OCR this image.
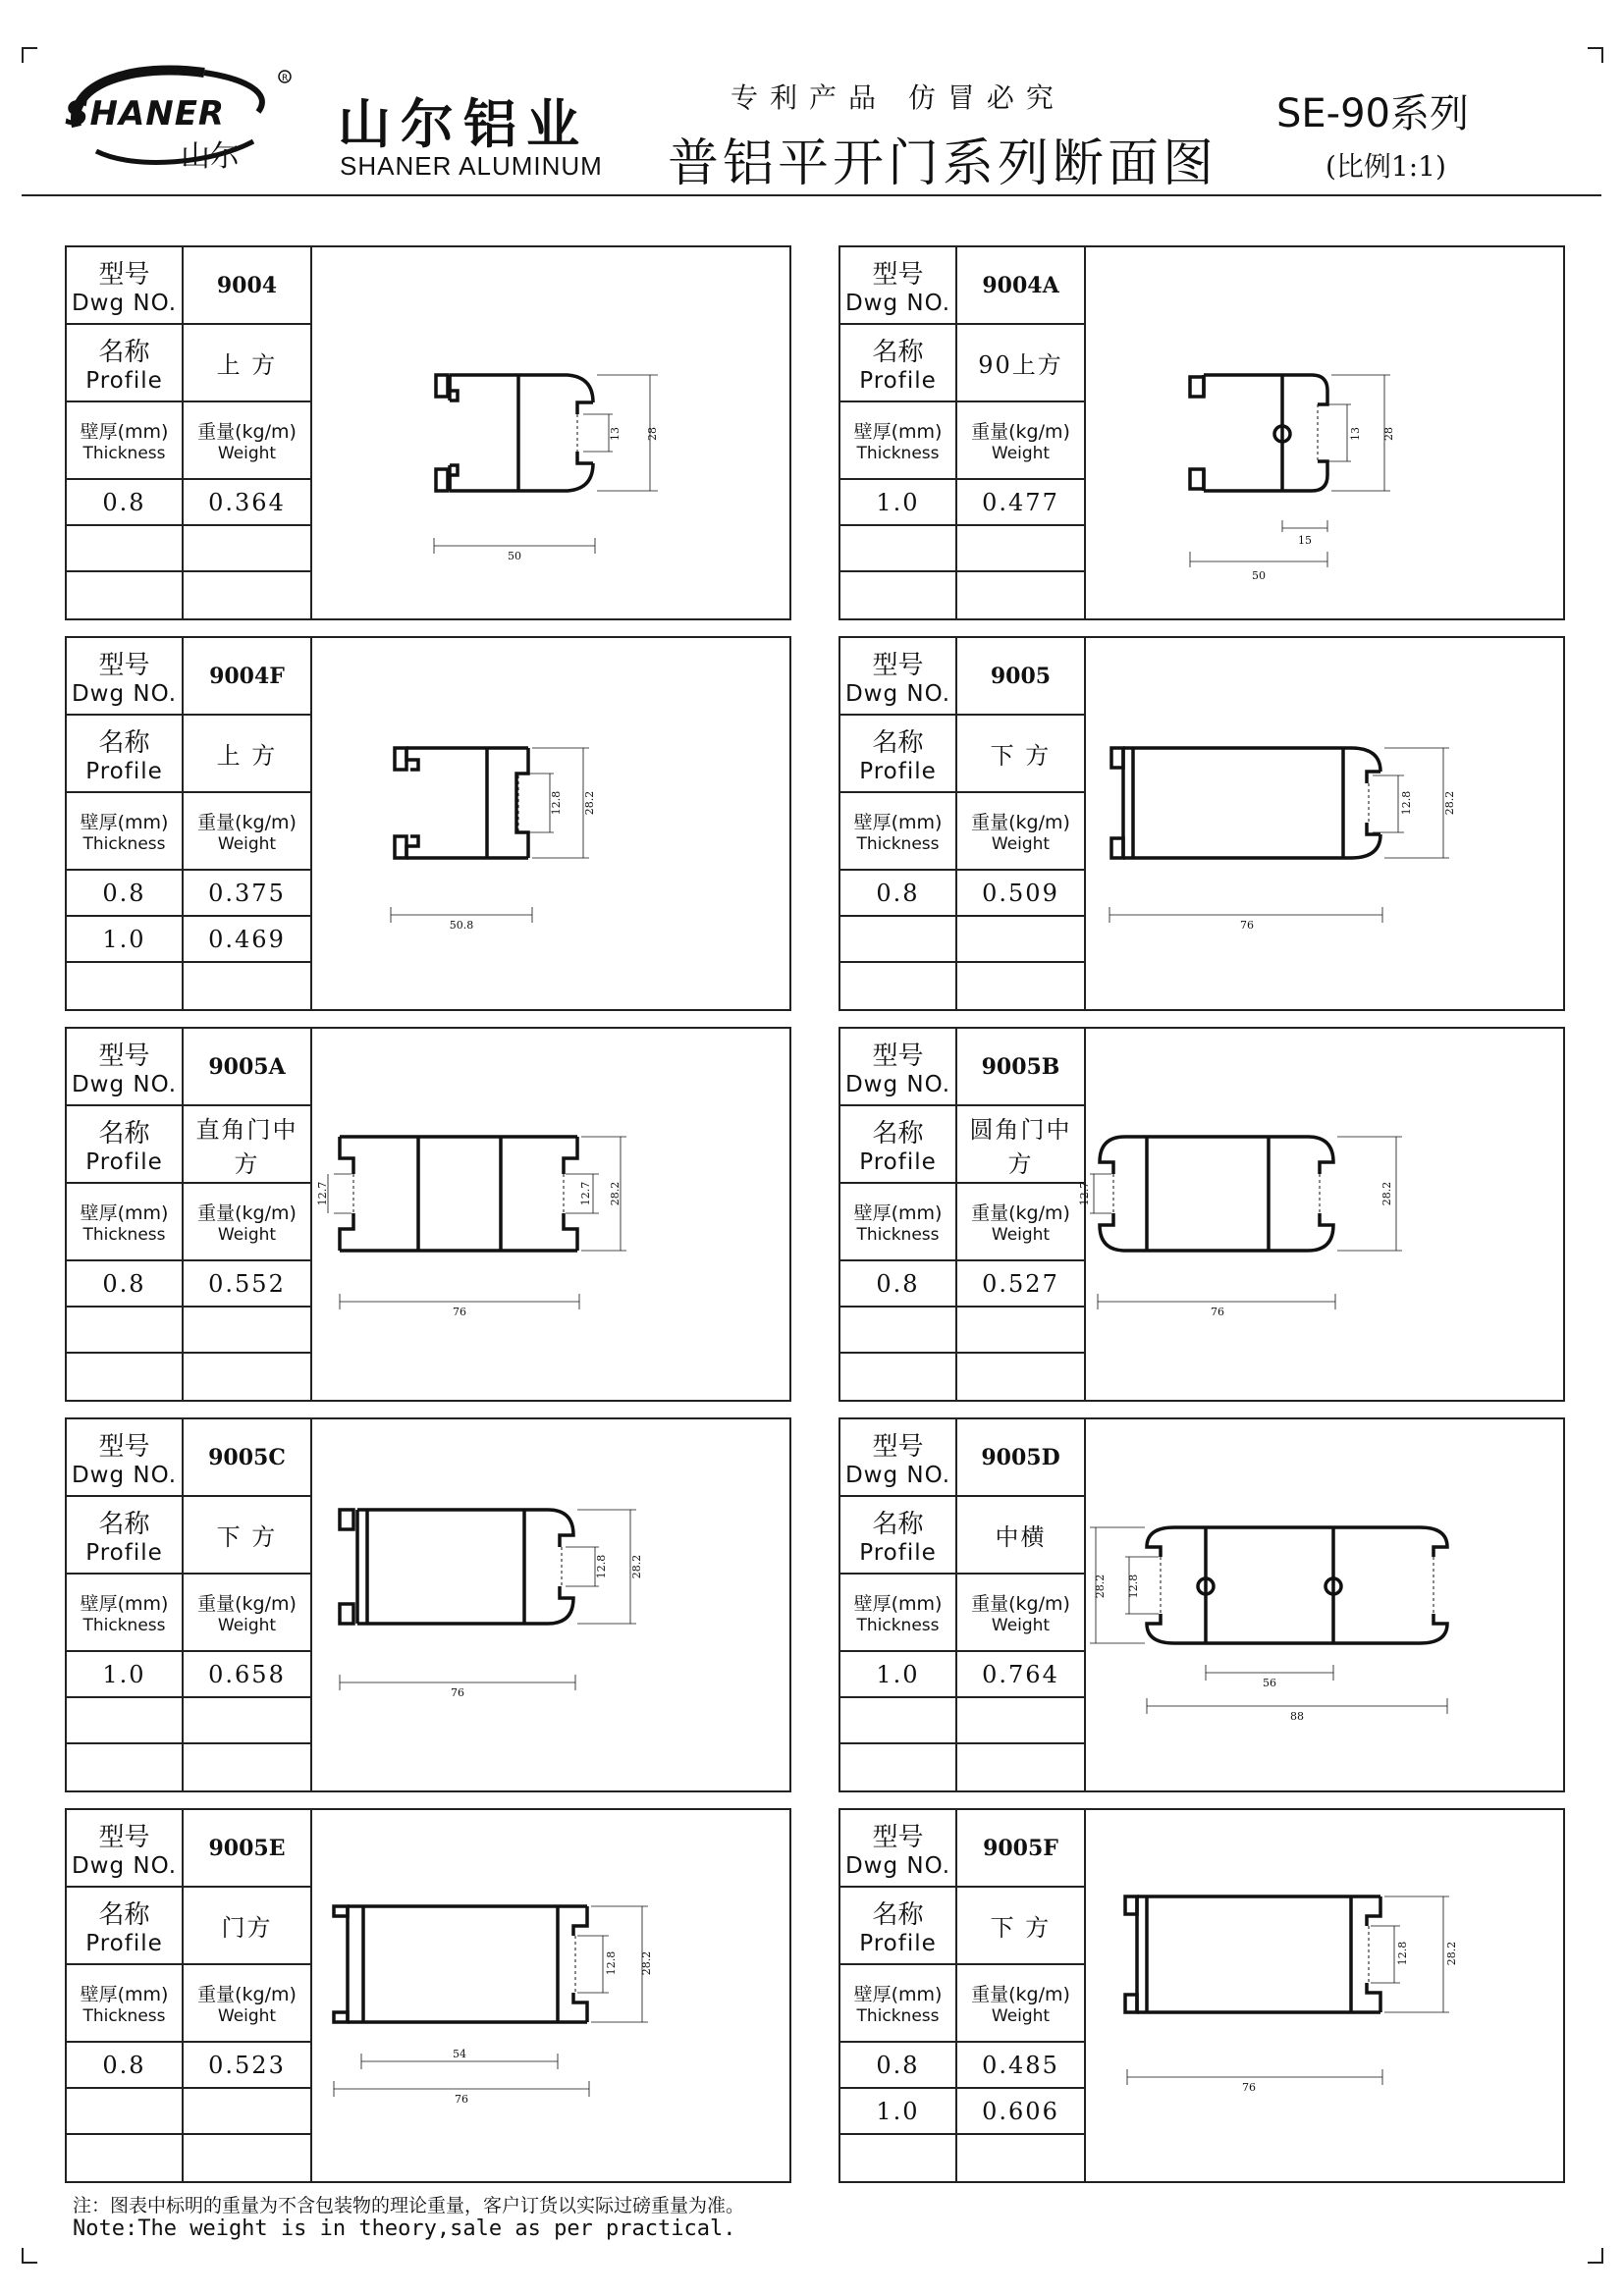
R
SHANER
山尔
山尔铝业
SHANER ALUMINUM
专利产品 仿冒必究
普铝平开门系列断面图
SE-90系列
(比例1:1)
型号
Dwg NO.
9004
名称
Profile
上 方
壁厚(mm)
Thickness
重量(kg/m)
Weight
0.8	0.364
13 28
50
型号
Dwg NO.
9004A
名称
Profile
90上方
壁厚(mm)
Thickness
重量(kg/m)
Weight
1.0	0.477
13 28
15
50
型号
Dwg NO.
9004F
名称
Profile
上 方
壁厚(mm)
Thickness
重量(kg/m)
Weight
0.8	0.375
1.0	0.469
12.8 28.2
50.8
型号
Dwg NO.
9005
名称
Profile
下 方
壁厚(mm)
Thickness
重量(kg/m)
Weight
0.8	0.509
12.8	28.2
76
型号
Dwg NO.
9005A
名称
Profile
直角门中方
壁厚(mm)
Thickness
重量(kg/m)
Weight
0.8	0.552
12.7	12.7 28.2
76
型号
Dwg NO.
9005B
名称
Profile
圆角门中方
壁厚(mm)
Thickness
重量(kg/m)
Weight
0.8	0.527
12.7	28.2
76
型号
Dwg NO.
9005C
名称
Profile
下 方
壁厚(mm)
Thickness
重量(kg/m)
Weight
1.0	0.658
12.8 28.2
76
型号
Dwg NO.
9005D
名称
Profile
中横
壁厚(mm)
Thickness
重量(kg/m)
Weight
1.0	0.764
28.2 12.8
56
88
型号
Dwg NO.
9005E
名称
Profile
门方
壁厚(mm)
Thickness
重量(kg/m)
Weight
0.8	0.523
12.8 28.2
54
76
型号
Dwg NO.
9005F
名称
Profile
下 方
壁厚(mm)
Thickness
重量(kg/m)
Weight
0.8	0.485
1.0	0.606
12.8	28.2
76
注：图表中标明的重量为不含包装物的理论重量，客户订货以实际过磅重量为准。
Note:The weight is in theory,sale as per practical.
